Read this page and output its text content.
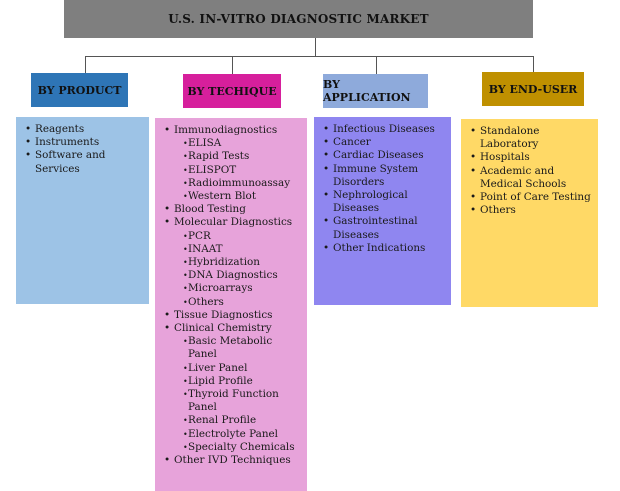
U.S. IN-VITRO DIAGNOSTIC MARKET
BY PRODUCT	BY TECHIQUE	BY APPLICATION
BY END-USER
• Reagents
• Instruments
• Software and Services
• Immunodiagnostics
• ELISA
• Rapid Tests
• ELISPOT
• Radioimmunoassay
• Western Blot
• Blood Testing
• Molecular Diagnostics
• PCR
• INAAT
• Hybridization
• DNA Diagnostics
• Microarrays
• Others
• Tissue Diagnostics
• Clinical Chemistry
• Basic Metabolic Panel
• Liver Panel
• Lipid Profile
• Thyroid Function Panel
• Renal Profile
• Electrolyte Panel
• Specialty Chemicals
• Other IVD Techniques
• Infectious Diseases
• Cancer
• Cardiac Diseases
• Immune System Disorders
• Nephrological Diseases
• Gastrointestinal Diseases
• Other Indications
• Standalone Laboratory
• Hospitals
• Academic and Medical Schools
• Point of Care Testing
• Others
